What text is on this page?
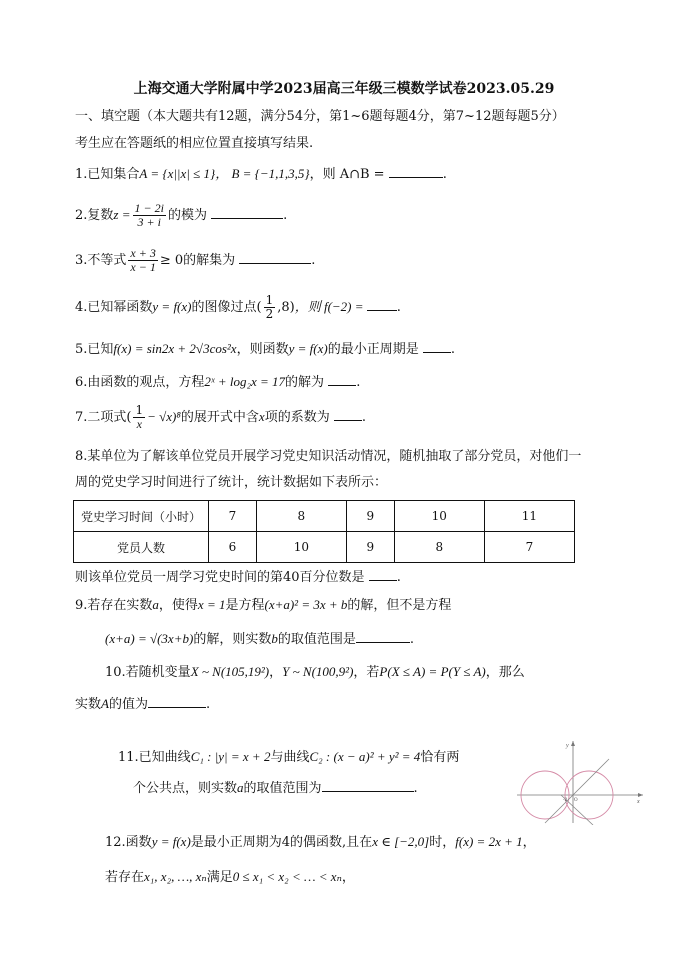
上海交通大学附属中学2023届高三年级三模数学试卷2023.05.29
一、填空题（本大题共有12题，满分54分，第1~6题每题4分，第7~12题每题5分）
考生应在答题纸的相应位置直接填写结果.
1.已知集合A = {x||x| ≤ 1}， B = {−1,1,3,5}，则 A∩B =	.
2.复数$z = \frac{1 - 2i}{3 + i}$ 的模为	.
3.不等式 $\frac{x + 3}{x - 1} \ge 0$的解集为	.
4.已知幂函数y = f(x)的图像过点( $\frac{1}{2} ,8$)，则 f(−2) = .
5.已知f(x) = sin2x + 2√3cos²x，则函数y = f(x)的最小正周期是 .
6.由函数的观点，方程2ˣ + log₂x = 17的解为 .
7.二项式( $\frac{1}{x} - √x)^8$的展开式中含x项的系数为 .
8.某单位为了解该单位党员开展学习党史知识活动情况，随机抽取了部分党员，对他们一
周的党史学习时间进行了统计，统计数据如下表所示：
党史学习时间（小时）	7	8	9	10	11
党员人数	6	10	9	8	7
则该单位党员一周学习党史时间的第40百分位数是 .
9.若存在实数a，使得x = 1是方程(x+a)² = 3x + b的解，但不是方程
(x+a) = √(3x+b)的解，则实数b的取值范围是	.
10.若随机变量X ~ N(105,19²)，Y ~ N(100,9²)，若P(X ≤ A) = P(Y ≤ A)，那么
实数A的值为	.
11.已知曲线C₁ : |y| = x + 2与曲线C₂ : (x − a)² + y² = 4恰有两
个公共点，则实数a的取值范围为	.
y
x
O
-2
12.函数y = f(x)是最小正周期为4的偶函数,且在x ∈ [−2,0]时，f(x) = 2x + 1，
若存在x₁, x₂, …, xₙ满足0 ≤ x₁ < x₂ < … < xₙ，
